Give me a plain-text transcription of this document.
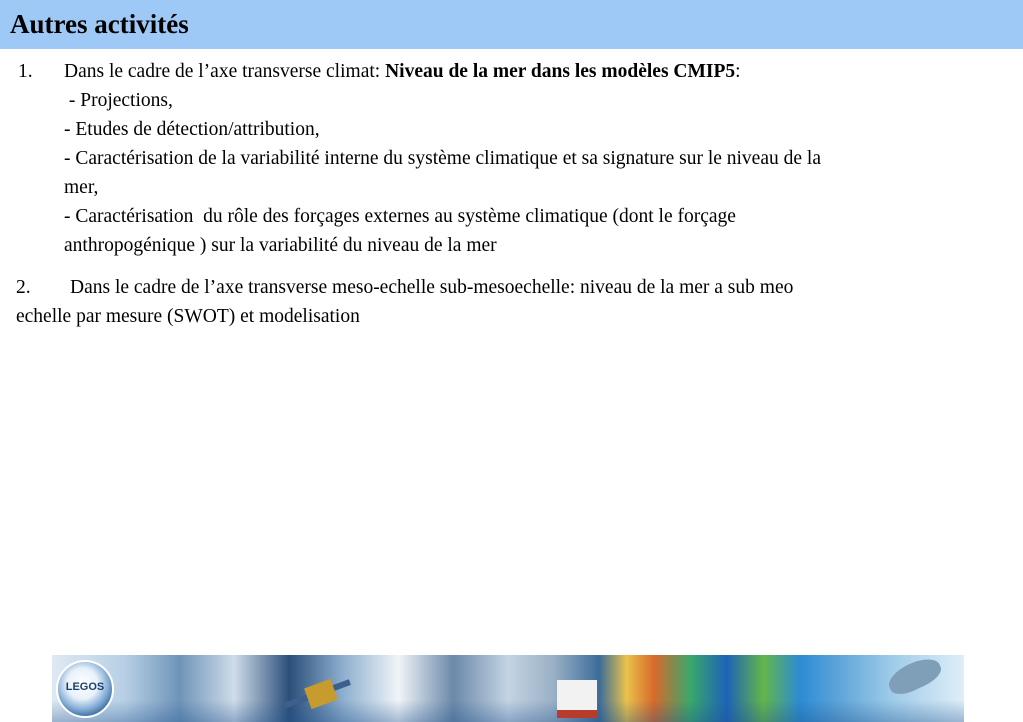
Autres activités
1. Dans le cadre de l’axe transverse climat: Niveau de la mer dans les modèles CMIP5:
- Projections,
- Etudes de détection/attribution,
- Caractérisation de la variabilité interne du système climatique et sa signature sur le niveau de la
mer,
- Caractérisation  du rôle des forçages externes au système climatique (dont le forçage
anthropogénique ) sur la variabilité du niveau de la mer
2. Dans le cadre de l’axe transverse meso-echelle sub-mesoechelle: niveau de la mer a sub meo
echelle par mesure (SWOT) et modelisation
LEGOS
